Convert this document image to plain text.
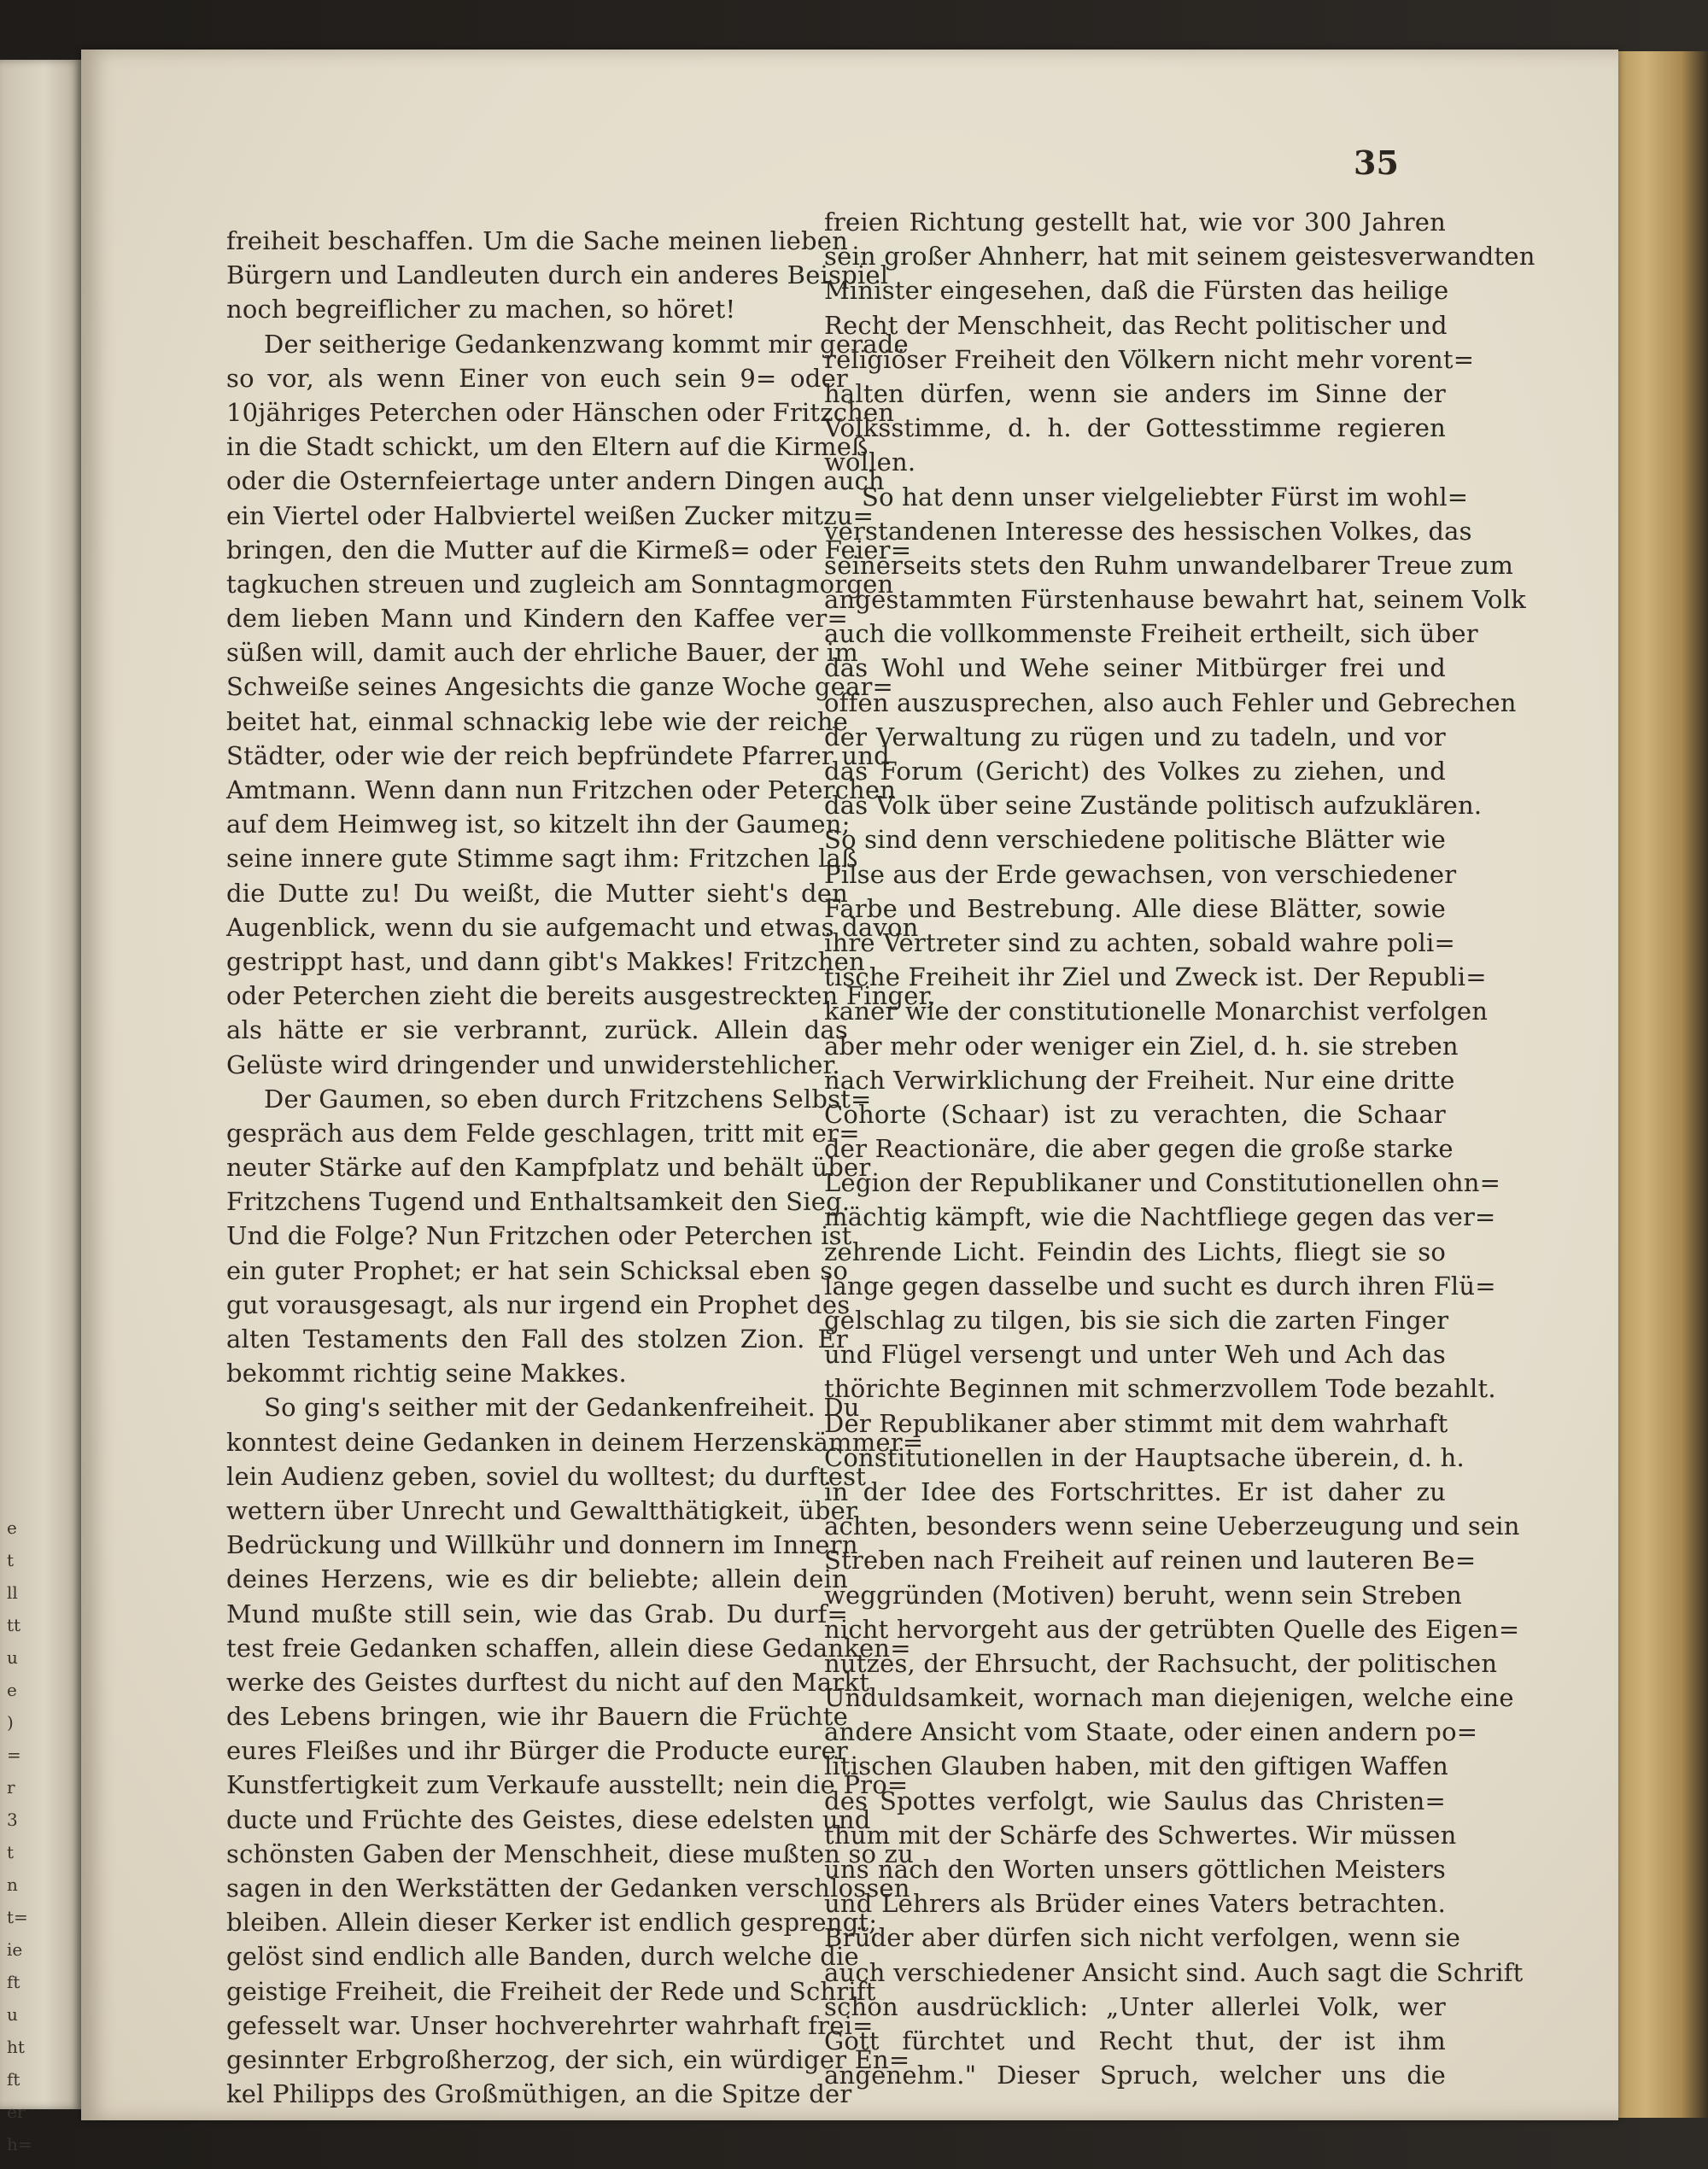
e
t
ll
tt
u
e
)
=
r
3
t
n
t=
ie
ft
u
ht
ft
er
h=
35
freiheit beschaffen. Um die Sache meinen lieben
Bürgern und Landleuten durch ein anderes Beispiel
noch begreiflicher zu machen, so höret!
Der seitherige Gedankenzwang kommt mir gerade
so vor, als wenn Einer von euch sein 9= oder
10jähriges Peterchen oder Hänschen oder Fritzchen
in die Stadt schickt, um den Eltern auf die Kirmeß
oder die Osternfeiertage unter andern Dingen auch
ein Viertel oder Halbviertel weißen Zucker mitzu=
bringen, den die Mutter auf die Kirmeß= oder Feier=
tagkuchen streuen und zugleich am Sonntagmorgen
dem lieben Mann und Kindern den Kaffee ver=
süßen will, damit auch der ehrliche Bauer, der im
Schweiße seines Angesichts die ganze Woche gear=
beitet hat, einmal schnackig lebe wie der reiche
Städter, oder wie der reich bepfründete Pfarrer und
Amtmann. Wenn dann nun Fritzchen oder Peterchen
auf dem Heimweg ist, so kitzelt ihn der Gaumen;
seine innere gute Stimme sagt ihm: Fritzchen laß
die Dutte zu! Du weißt, die Mutter sieht's den
Augenblick, wenn du sie aufgemacht und etwas davon
gestrippt hast, und dann gibt's Makkes! Fritzchen
oder Peterchen zieht die bereits ausgestreckten Finger,
als hätte er sie verbrannt, zurück. Allein das
Gelüste wird dringender und unwiderstehlicher.
Der Gaumen, so eben durch Fritzchens Selbst=
gespräch aus dem Felde geschlagen, tritt mit er=
neuter Stärke auf den Kampfplatz und behält über
Fritzchens Tugend und Enthaltsamkeit den Sieg.
Und die Folge? Nun Fritzchen oder Peterchen ist
ein guter Prophet; er hat sein Schicksal eben so
gut vorausgesagt, als nur irgend ein Prophet des
alten Testaments den Fall des stolzen Zion. Er
bekommt richtig seine Makkes.
So ging's seither mit der Gedankenfreiheit. Du
konntest deine Gedanken in deinem Herzenskämmer=
lein Audienz geben, soviel du wolltest; du durftest
wettern über Unrecht und Gewaltthätigkeit, über
Bedrückung und Willkühr und donnern im Innern
deines Herzens, wie es dir beliebte; allein dein
Mund mußte still sein, wie das Grab. Du durf=
test freie Gedanken schaffen, allein diese Gedanken=
werke des Geistes durftest du nicht auf den Markt
des Lebens bringen, wie ihr Bauern die Früchte
eures Fleißes und ihr Bürger die Producte eurer
Kunstfertigkeit zum Verkaufe ausstellt; nein die Pro=
ducte und Früchte des Geistes, diese edelsten und
schönsten Gaben der Menschheit, diese mußten so zu
sagen in den Werkstätten der Gedanken verschlossen
bleiben. Allein dieser Kerker ist endlich gesprengt;
gelöst sind endlich alle Banden, durch welche die
geistige Freiheit, die Freiheit der Rede und Schrift
gefesselt war. Unser hochverehrter wahrhaft frei=
gesinnter Erbgroßherzog, der sich, ein würdiger En=
kel Philipps des Großmüthigen, an die Spitze der
freien Richtung gestellt hat, wie vor 300 Jahren
sein großer Ahnherr, hat mit seinem geistesverwandten
Minister eingesehen, daß die Fürsten das heilige
Recht der Menschheit, das Recht politischer und
religiöser Freiheit den Völkern nicht mehr vorent=
halten dürfen, wenn sie anders im Sinne der
Volksstimme, d. h. der Gottesstimme regieren
wollen.
So hat denn unser vielgeliebter Fürst im wohl=
verstandenen Interesse des hessischen Volkes, das
seinerseits stets den Ruhm unwandelbarer Treue zum
angestammten Fürstenhause bewahrt hat, seinem Volk
auch die vollkommenste Freiheit ertheilt, sich über
das Wohl und Wehe seiner Mitbürger frei und
offen auszusprechen, also auch Fehler und Gebrechen
der Verwaltung zu rügen und zu tadeln, und vor
das Forum (Gericht) des Volkes zu ziehen, und
das Volk über seine Zustände politisch aufzuklären.
So sind denn verschiedene politische Blätter wie
Pilse aus der Erde gewachsen, von verschiedener
Farbe und Bestrebung. Alle diese Blätter, sowie
ihre Vertreter sind zu achten, sobald wahre poli=
tische Freiheit ihr Ziel und Zweck ist. Der Republi=
kaner wie der constitutionelle Monarchist verfolgen
aber mehr oder weniger ein Ziel, d. h. sie streben
nach Verwirklichung der Freiheit. Nur eine dritte
Cohorte (Schaar) ist zu verachten, die Schaar
der Reactionäre, die aber gegen die große starke
Legion der Republikaner und Constitutionellen ohn=
mächtig kämpft, wie die Nachtfliege gegen das ver=
zehrende Licht. Feindin des Lichts, fliegt sie so
lange gegen dasselbe und sucht es durch ihren Flü=
gelschlag zu tilgen, bis sie sich die zarten Finger
und Flügel versengt und unter Weh und Ach das
thörichte Beginnen mit schmerzvollem Tode bezahlt.
Der Republikaner aber stimmt mit dem wahrhaft
Constitutionellen in der Hauptsache überein, d. h.
in der Idee des Fortschrittes. Er ist daher zu
achten, besonders wenn seine Ueberzeugung und sein
Streben nach Freiheit auf reinen und lauteren Be=
weggründen (Motiven) beruht, wenn sein Streben
nicht hervorgeht aus der getrübten Quelle des Eigen=
nutzes, der Ehrsucht, der Rachsucht, der politischen
Unduldsamkeit, wornach man diejenigen, welche eine
andere Ansicht vom Staate, oder einen andern po=
litischen Glauben haben, mit den giftigen Waffen
des Spottes verfolgt, wie Saulus das Christen=
thum mit der Schärfe des Schwertes. Wir müssen
uns nach den Worten unsers göttlichen Meisters
und Lehrers als Brüder eines Vaters betrachten.
Brüder aber dürfen sich nicht verfolgen, wenn sie
auch verschiedener Ansicht sind. Auch sagt die Schrift
schon ausdrücklich: „Unter allerlei Volk, wer
Gott fürchtet und Recht thut, der ist ihm
angenehm." Dieser Spruch, welcher uns die
